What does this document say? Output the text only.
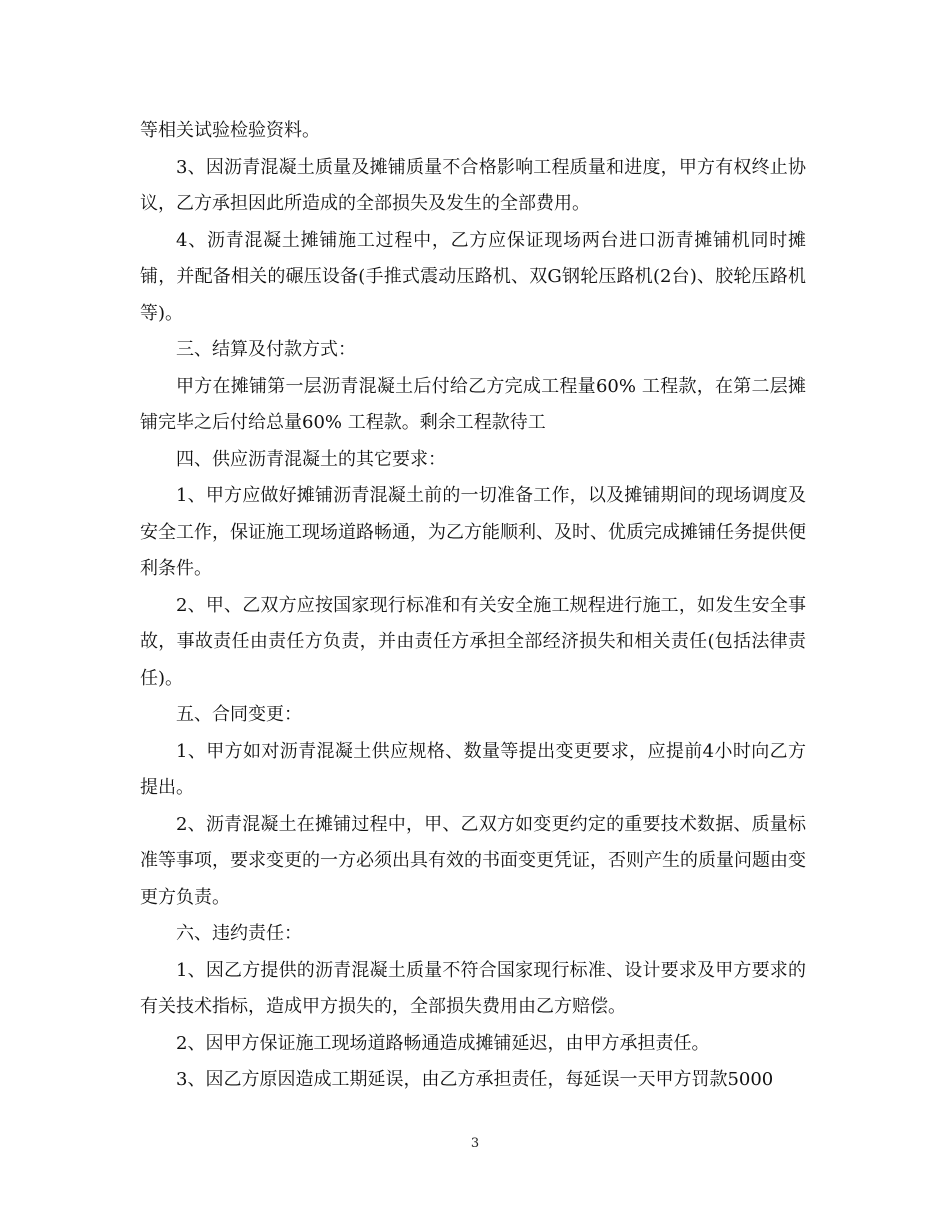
等相关试验检验资料。

3、因沥青混凝土质量及摊铺质量不合格影响工程质量和进度，甲方有权终止协议，乙方承担因此所造成的全部损失及发生的全部费用。

4、沥青混凝土摊铺施工过程中，乙方应保证现场两台进口沥青摊铺机同时摊铺，并配备相关的碾压设备(手推式震动压路机、双G钢轮压路机(2台)、胶轮压路机等)。

三、结算及付款方式：

甲方在摊铺第一层沥青混凝土后付给乙方完成工程量60% 工程款，在第二层摊铺完毕之后付给总量60% 工程款。剩余工程款待工

四、供应沥青混凝土的其它要求：

1、甲方应做好摊铺沥青混凝土前的一切准备工作，以及摊铺期间的现场调度及安全工作，保证施工现场道路畅通，为乙方能顺利、及时、优质完成摊铺任务提供便利条件。

2、甲、乙双方应按国家现行标准和有关安全施工规程进行施工，如发生安全事故，事故责任由责任方负责，并由责任方承担全部经济损失和相关责任(包括法律责任)。

五、合同变更：

1、甲方如对沥青混凝土供应规格、数量等提出变更要求，应提前4小时向乙方提出。

2、沥青混凝土在摊铺过程中，甲、乙双方如变更约定的重要技术数据、质量标准等事项，要求变更的一方必须出具有效的书面变更凭证，否则产生的质量问题由变更方负责。

六、违约责任：

1、因乙方提供的沥青混凝土质量不符合国家现行标准、设计要求及甲方要求的有关技术指标，造成甲方损失的，全部损失费用由乙方赔偿。

2、因甲方保证施工现场道路畅通造成摊铺延迟，由甲方承担责任。

3、因乙方原因造成工期延误，由乙方承担责任，每延误一天甲方罚款5000

3
